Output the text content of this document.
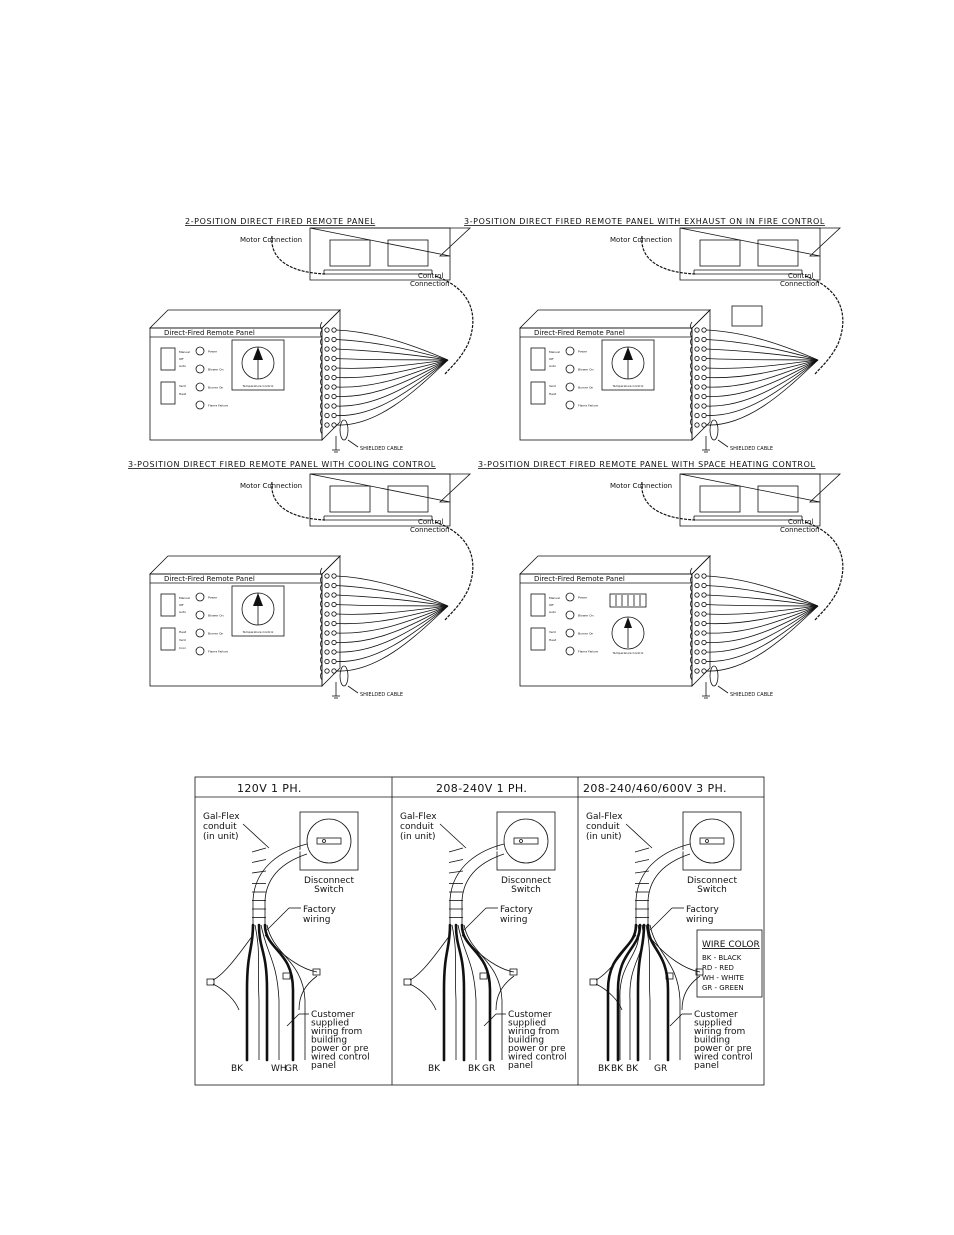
2-POSITION DIRECT FIRED REMOTE PANEL
Temperature Control
Motor Connection
Control
Connection
Direct-Fired Remote Panel
SHIELDED CABLE
Power
Blower On
Burner On
Flame Failure
Manual
Off
Auto
Vent
Heat
3-POSITION DIRECT FIRED REMOTE PANEL WITH EXHAUST ON IN FIRE CONTROL
Temperature Control
Motor Connection
Control
Connection
Direct-Fired Remote Panel
SHIELDED CABLE
Power
Blower On
Burner On
Flame Failure
Manual
Off
Auto
Vent
Heat
3-POSITION DIRECT FIRED REMOTE PANEL WITH COOLING CONTROL
Temperature Control
Motor Connection
Control
Connection
Direct-Fired Remote Panel
SHIELDED CABLE
Power
Blower On
Burner On
Flame Failure
Manual
Off
Auto
Heat
Vent
Cool
3-POSITION DIRECT FIRED REMOTE PANEL WITH SPACE HEATING CONTROL
Temperature Control
Motor Connection
Control
Connection
Direct-Fired Remote Panel
SHIELDED CABLE
Power
Blower On
Burner On
Flame Failure
Manual
Off
Auto
Vent
Heat
120V 1 PH.
Disconnect
Switch
Gal-Flex
conduit
(in unit)
Factory
wiring
Customer
supplied
wiring from
building
power or pre
wired control
panel
BK	WH
GR
208-240V 1 PH.
Disconnect
Switch
Gal-Flex
conduit
(in unit)
Factory
wiring
Customer
supplied
wiring from
building
power or pre
wired control
panel
BK	BK GR
208-240/460/600V 3 PH.
Disconnect
Switch
Gal-Flex
conduit
(in unit)
Factory
wiring
Customer
supplied
wiring from
building
power or pre
wired control
panel
BK BK BK GR
WIRE COLOR
BK - BLACK
RD - RED
WH - WHITE
GR - GREEN
